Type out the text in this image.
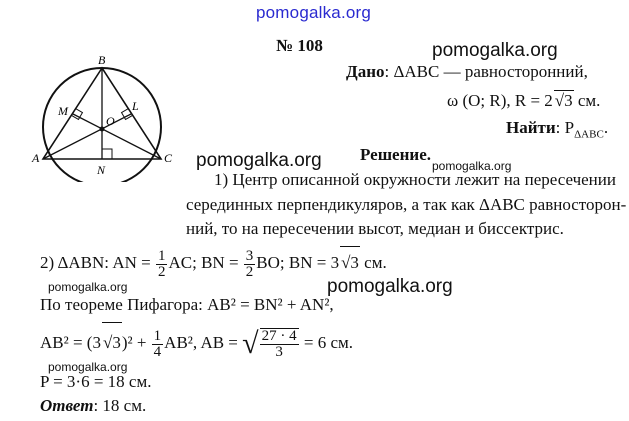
pomogalka.org
B
M	L
O
A	C
N
№ 108	pomogalka.org
Дано: ΔABC — равносторонний,
ω (O; R), R = 2 √3 см.
Найти: $P_{\Delta ABC}$.
pomogalka.org Решение.
pomogalka.org
1) Центр описанной окружности лежит на пересечении
серединных перпендикуляров, а так как ΔABC равносторон-
ний, то на пересечении высот, медиан и биссектрис.
2) ΔABN: AN = $\frac{1}{2}$ AC; BN = $\frac{3}{2}$ BO; BN = 3 √3 см.
pomogalka.org	pomogalka.org
По теореме Пифагора: AB² = BN² + AN²,
AB² = (3 $√3)^2 + \frac{1}{4} AB^2$, AB = √ $\frac{27 \cdot 4}{3} = 6$ см.
pomogalka.org
P = 3·6 = 18 см.
Ответ: 18 см.
